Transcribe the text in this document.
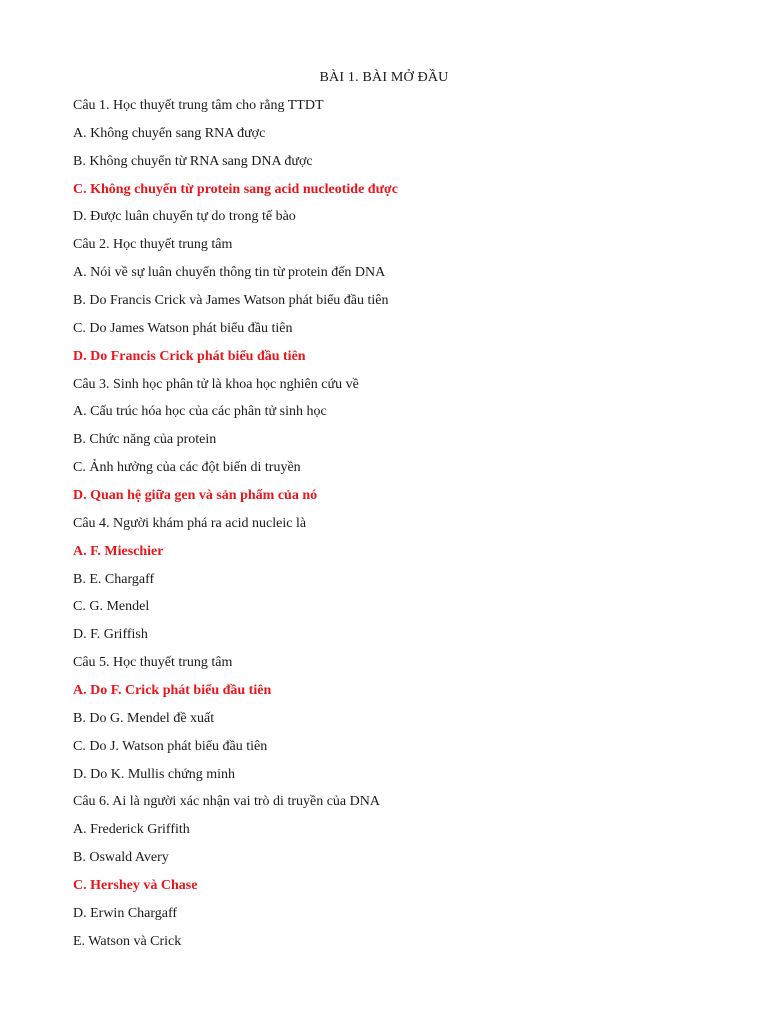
BÀI 1. BÀI MỞ ĐẦU
Câu 1. Học thuyết trung tâm cho rằng TTDT
A. Không chuyển sang RNA được
B. Không chuyển từ RNA sang DNA được
C. Không chuyển từ protein sang acid nucleotide được
D. Được luân chuyển tự do trong tế bào
Câu 2. Học thuyết trung tâm
A. Nói về sự luân chuyển thông tin từ protein đến DNA
B. Do Francis Crick và James Watson phát biểu đầu tiên
C. Do James Watson phát biểu đầu tiên
D. Do Francis Crick phát biểu đầu tiên
Câu 3. Sinh học phân tử là khoa học nghiên cứu về
A. Cấu trúc hóa học của các phân tử sinh học
B. Chức năng của protein
C. Ảnh hưởng của các đột biến di truyền
D. Quan hệ giữa gen và sản phẩm của nó
Câu 4. Người khám phá ra acid nucleic là
A. F. Mieschier
B. E. Chargaff
C. G. Mendel
D. F. Griffish
Câu 5. Học thuyết trung tâm
A. Do F. Crick phát biểu đầu tiên
B. Do G. Mendel đề xuất
C. Do J. Watson phát biểu đầu tiên
D. Do K. Mullis chứng minh
Câu 6. Ai là người xác nhận vai trò di truyền của DNA
A. Frederick Griffith
B. Oswald Avery
C. Hershey và Chase
D. Erwin Chargaff
E. Watson và Crick
